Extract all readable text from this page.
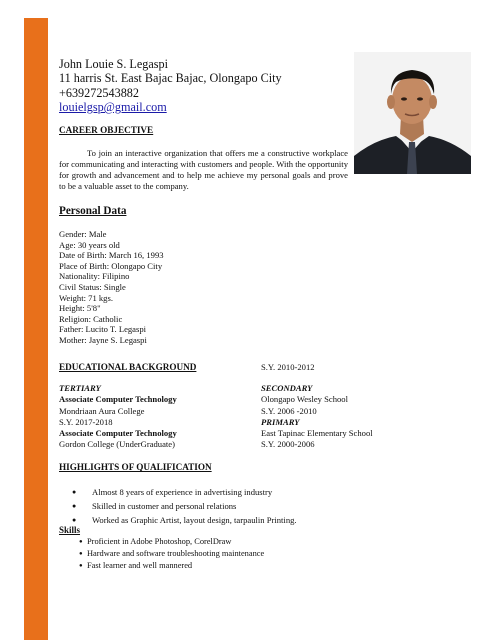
John Louie S. Legaspi
11 harris St. East Bajac Bajac, Olongapo City
+639272543882
louielgsp@gmail.com
CAREER OBJECTIVE
To join an interactive organization that offers me a constructive workplace for communicating and interacting with customers and people. With the opportunity for growth and advancement and to help me achieve my personal goals and prove to be a valuable asset to the company.
Personal Data
Gender: Male
Age: 30 years old
Date of Birth: March 16, 1993
Place of Birth: Olongapo City
Nationality: Filipino
Civil Status: Single
Weight: 71 kgs.
Height: 5'8"
Religion: Catholic
Father: Lucito T. Legaspi
Mother: Jayne S. Legaspi
EDUCATIONAL BACKGROUND	S.Y. 2010-2012
TERTIARY
Associate Computer Technology
Mondriaan Aura College
S.Y. 2017-2018
Associate Computer Technology
Gordon College (UnderGraduate)
SECONDARY
Olongapo Wesley School
S.Y. 2006 -2010
PRIMARY
East Tapinac Elementary School
S.Y. 2000-2006
HIGHLIGHTS OF QUALIFICATION
● Almost 8 years of experience in advertising industry
● Skilled in customer and personal relations
● Worked as Graphic Artist, layout design, tarpaulin Printing.
Skills
● Proficient in Adobe Photoshop, CorelDraw
● Hardware and software troubleshooting maintenance
● Fast learner and well mannered
